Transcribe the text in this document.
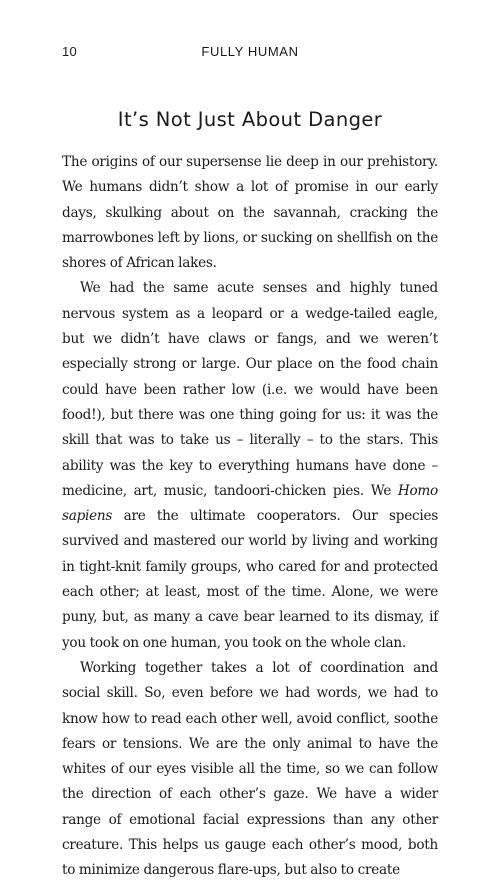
10	FULLY HUMAN
It’s Not Just About Danger

The origins of our supersense lie deep in our prehistory. We humans didn’t show a lot of promise in our early days, skulking about on the savannah, cracking the marrowbones left by lions, or sucking on shellfish on the shores of African lakes.

We had the same acute senses and highly tuned nervous system as a leopard or a wedge-tailed eagle, but we didn’t have claws or fangs, and we weren’t especially strong or large. Our place on the food chain could have been rather low (i.e. we would have been food!), but there was one thing going for us: it was the skill that was to take us – literally – to the stars. This ability was the key to everything humans have done – medicine, art, music, tandoori-chicken pies. We Homo sapiens are the ultimate cooperators. Our species survived and mastered our world by living and working in tight-knit family groups, who cared for and protected each other; at least, most of the time. Alone, we were puny, but, as many a cave bear learned to its dismay, if you took on one human, you took on the whole clan.

Working together takes a lot of coordination and social skill. So, even before we had words, we had to know how to read each other well, avoid conflict, soothe fears or tensions. We are the only animal to have the whites of our eyes visible all the time, so we can follow the direction of each other’s gaze. We have a wider range of emotional facial expressions than any other creature. This helps us gauge each other’s mood, both to minimize dangerous flare-ups, but also to create
